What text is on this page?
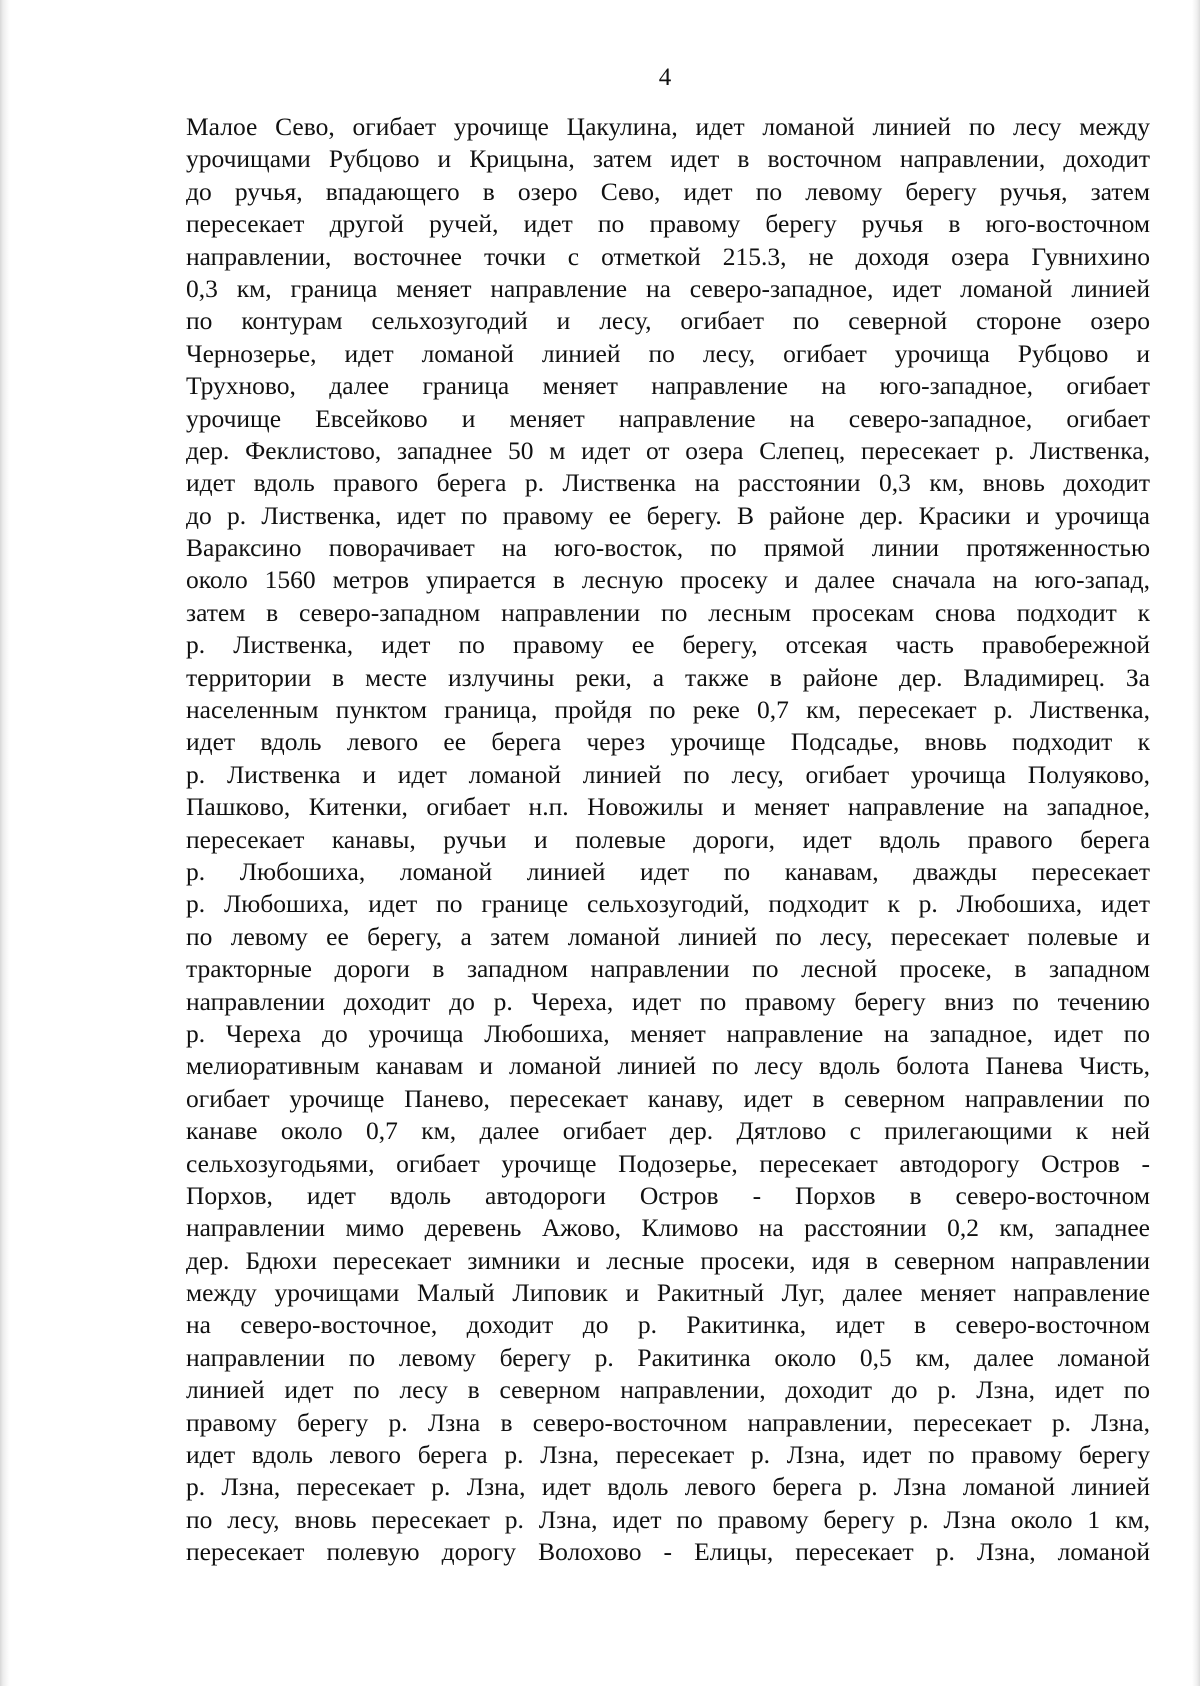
4
Малое Сево, огибает урочище Цакулина, идет ломаной линией по лесу между
урочищами Рубцово и Крицына, затем идет в восточном направлении, доходит
до ручья, впадающего в озеро Сево, идет по левому берегу ручья, затем
пересекает другой ручей, идет по правому берегу ручья в юго-восточном
направлении, восточнее точки с отметкой 215.3, не доходя озера Гувнихино
0,3 км, граница меняет направление на северо-западное, идет ломаной линией
по контурам сельхозугодий и лесу, огибает по северной стороне озеро
Чернозерье, идет ломаной линией по лесу, огибает урочища Рубцово и
Трухново, далее граница меняет направление на юго-западное, огибает
урочище Евсейково и меняет направление на северо-западное, огибает
дер. Феклистово, западнее 50 м идет от озера Слепец, пересекает р. Лиственка,
идет вдоль правого берега р. Лиственка на расстоянии 0,3 км, вновь доходит
до р. Лиственка, идет по правому ее берегу. В районе дер. Красики и урочища
Вараксино поворачивает на юго-восток, по прямой линии протяженностью
около 1560 метров упирается в лесную просеку и далее сначала на юго-запад,
затем в северо-западном направлении по лесным просекам снова подходит к
р. Лиственка, идет по правому ее берегу, отсекая часть правобережной
территории в месте излучины реки, а также в районе дер. Владимирец. За
населенным пунктом граница, пройдя по реке 0,7 км, пересекает р. Лиственка,
идет вдоль левого ее берега через урочище Подсадье, вновь подходит к
р. Лиственка и идет ломаной линией по лесу, огибает урочища Полуяково,
Пашково, Китенки, огибает н.п. Новожилы и меняет направление на западное,
пересекает канавы, ручьи и полевые дороги, идет вдоль правого берега
р. Любошиха, ломаной линией идет по канавам, дважды пересекает
р. Любошиха, идет по границе сельхозугодий, подходит к р. Любошиха, идет
по левому ее берегу, а затем ломаной линией по лесу, пересекает полевые и
тракторные дороги в западном направлении по лесной просеке, в западном
направлении доходит до р. Череха, идет по правому берегу вниз по течению
р. Череха до урочища Любошиха, меняет направление на западное, идет по
мелиоративным канавам и ломаной линией по лесу вдоль болота Панева Чисть,
огибает урочище Панево, пересекает канаву, идет в северном направлении по
канаве около 0,7 км, далее огибает дер. Дятлово с прилегающими к ней
сельхозугодьями, огибает урочище Подозерье, пересекает автодорогу Остров -
Порхов, идет вдоль автодороги Остров - Порхов в северо-восточном
направлении мимо деревень Ажово, Климово на расстоянии 0,2 км, западнее
дер. Бдюхи пересекает зимники и лесные просеки, идя в северном направлении
между урочищами Малый Липовик и Ракитный Луг, далее меняет направление
на северо-восточное, доходит до р. Ракитинка, идет в северо-восточном
направлении по левому берегу р. Ракитинка около 0,5 км, далее ломаной
линией идет по лесу в северном направлении, доходит до р. Лзна, идет по
правому берегу р. Лзна в северо-восточном направлении, пересекает р. Лзна,
идет вдоль левого берега р. Лзна, пересекает р. Лзна, идет по правому берегу
р. Лзна, пересекает р. Лзна, идет вдоль левого берега р. Лзна ломаной линией
по лесу, вновь пересекает р. Лзна, идет по правому берегу р. Лзна около 1 км,
пересекает полевую дорогу Волохово - Елицы, пересекает р. Лзна, ломаной
